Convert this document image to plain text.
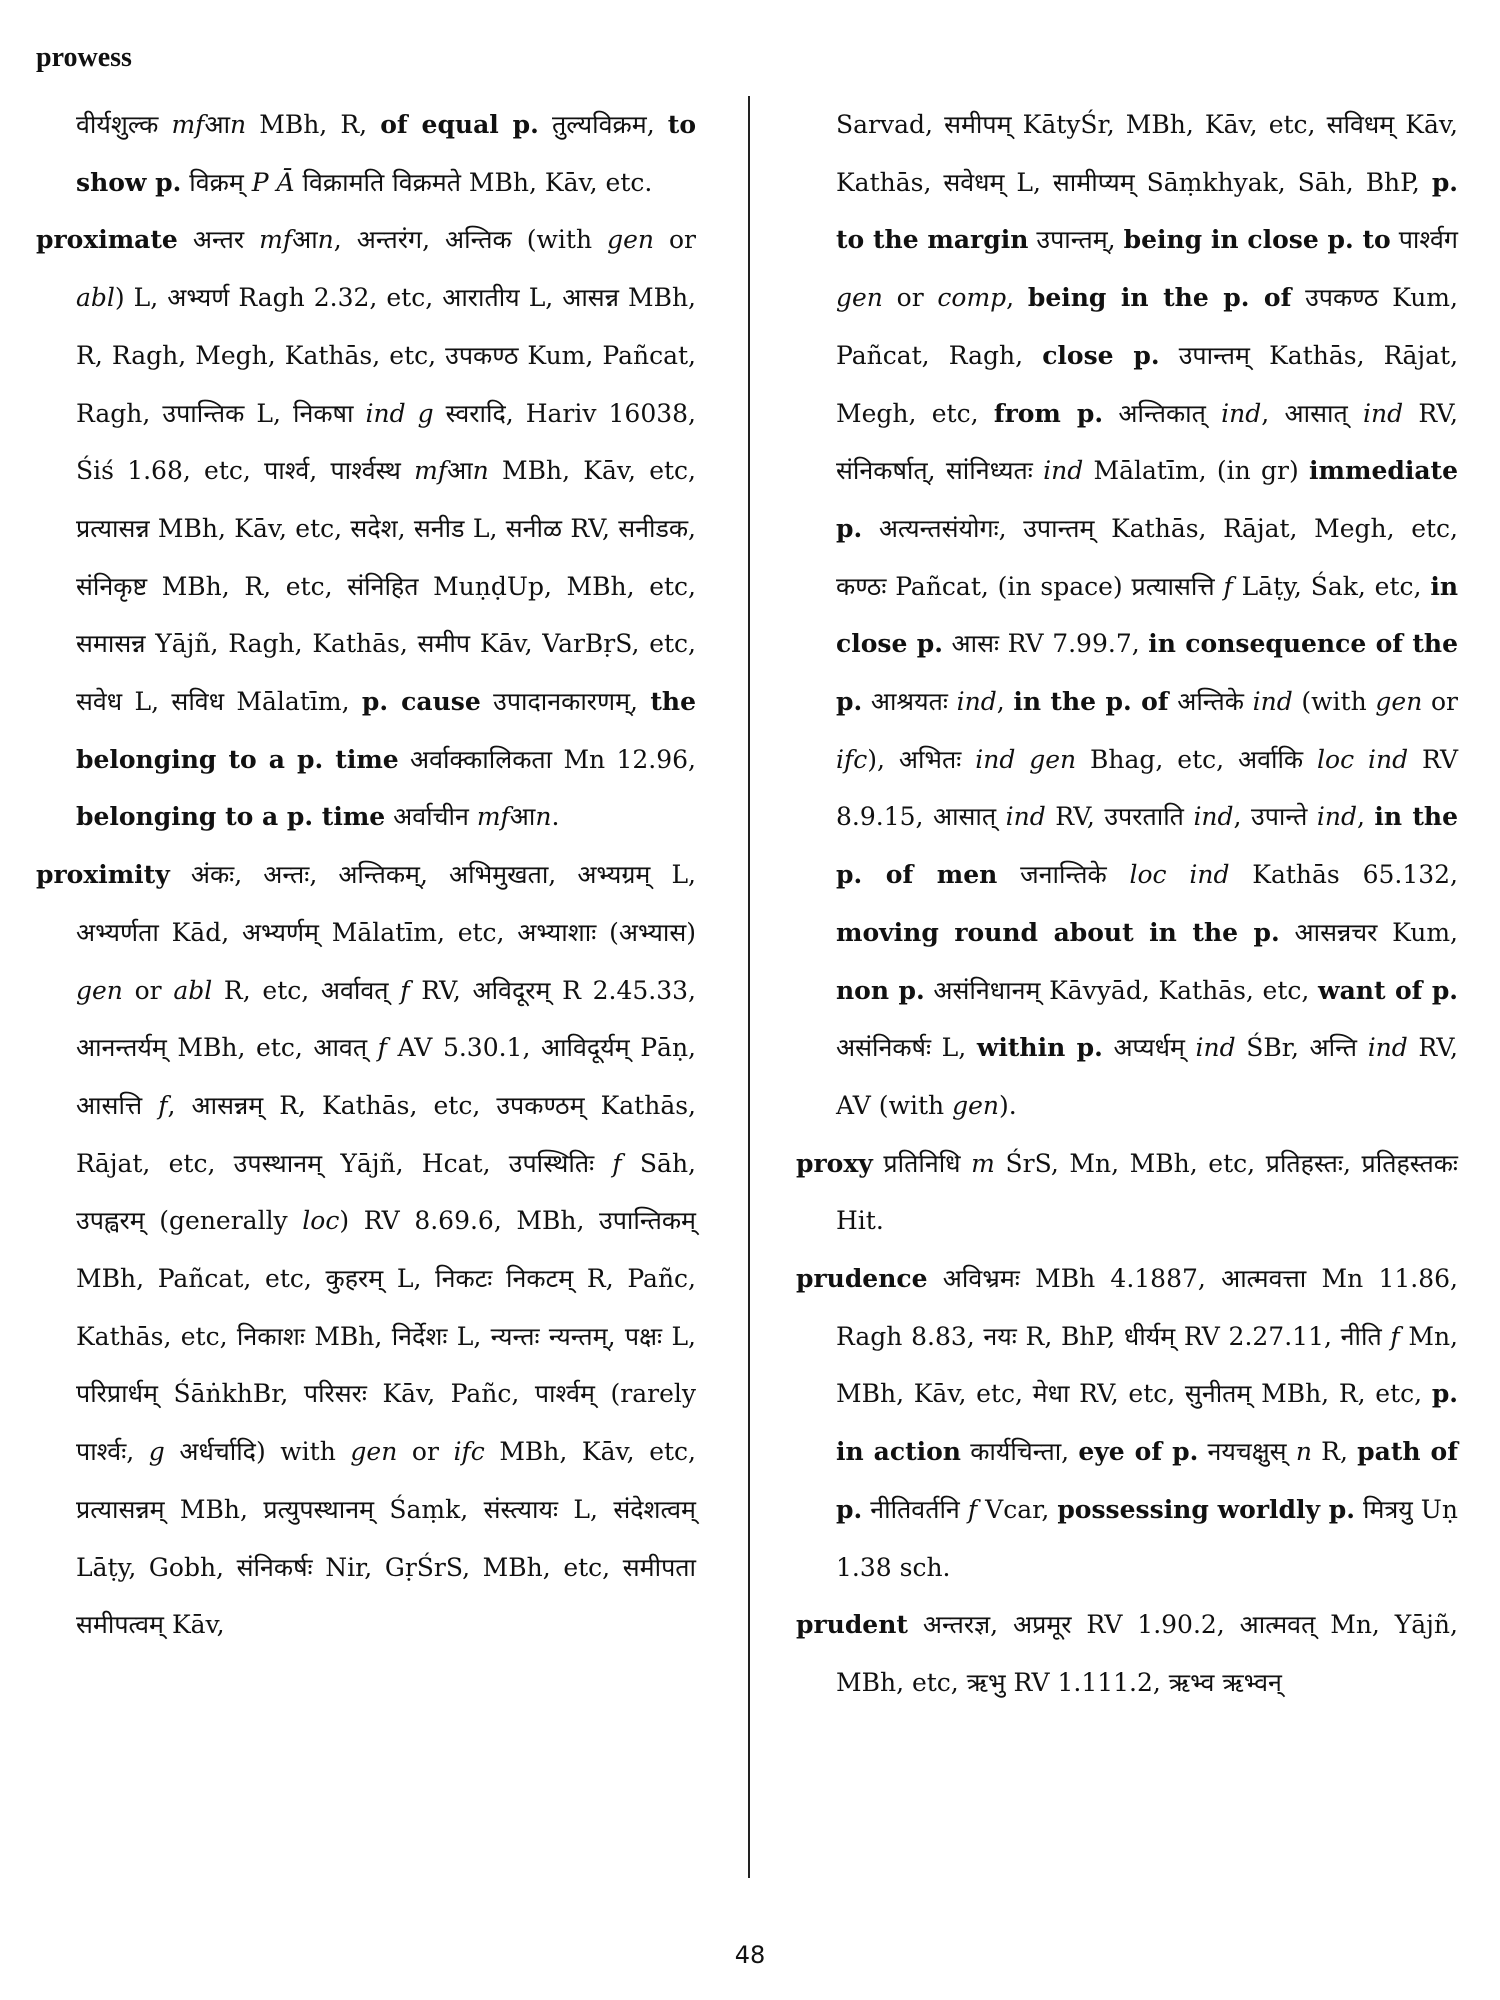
prowess

वीर्यशुल्क mfआn MBh, R, of equal p. तुल्यविक्रम, to show p. विक्रम् P Ā विक्रामति विक्रमते MBh, Kāv, etc.

proximate अन्तर mfआn, अन्तरंग, अन्तिक (with gen or abl) L, अभ्यर्ण Ragh 2.32, etc, आरातीय L, आसन्न MBh, R, Ragh, Megh, Kathās, etc, उपकण्ठ Kum, Pañcat, Ragh, उपान्तिक L, निकषा ind g स्वरादि, Hariv 16038, Śiś 1.68, etc, पार्श्व, पार्श्वस्थ mfआn MBh, Kāv, etc, प्रत्यासन्न MBh, Kāv, etc, सदेश, सनीड L, सनीळ RV, सनीडक, संनिकृष्ट MBh, R, etc, संनिहित MuṇḍUp, MBh, etc, समासन्न Yājñ, Ragh, Kathās, समीप Kāv, VarBṛS, etc, सवेध L, सविध Mālatīm, p. cause उपादानकारणम्, the belonging to a p. time अर्वाक्कालिकता Mn 12.96, belonging to a p. time अर्वाचीन mfआn.

proximity अंकः, अन्तः, अन्तिकम्, अभिमुखता, अभ्यग्रम् L, अभ्यर्णता Kād, अभ्यर्णम् Mālatīm, etc, अभ्याशाः (अभ्यास) gen or abl R, etc, अर्वावत् f RV, अविदूरम् R 2.45.33, आनन्तर्यम् MBh, etc, आवत् f AV 5.30.1, आविदूर्यम् Pāṇ, आसत्ति f, आसन्नम् R, Kathās, etc, उपकण्ठम् Kathās, Rājat, etc, उपस्थानम् Yājñ, Hcat, उपस्थितिः f Sāh, उपह्वरम् (generally loc) RV 8.69.6, MBh, उपान्तिकम् MBh, Pañcat, etc, कुहरम् L, निकटः निकटम् R, Pañc, Kathās, etc, निकाशः MBh, निर्देशः L, न्यन्तः न्यन्तम्, पक्षः L, परिप्रार्धम् ŚāṅkhBr, परिसरः Kāv, Pañc, पार्श्वम् (rarely पार्श्वः, g अर्धर्चादि) with gen or ifc MBh, Kāv, etc, प्रत्यासन्नम् MBh, प्रत्युपस्थानम् Śaṃk, संस्त्यायः L, संदेशत्वम् Lāṭy, Gobh, संनिकर्षः Nir, GṛŚrS, MBh, etc, समीपता समीपत्वम् Kāv,

Sarvad, समीपम् KātyŚr, MBh, Kāv, etc, सविधम् Kāv, Kathās, सवेधम् L, सामीप्यम् Sāṃkhyak, Sāh, BhP, p. to the margin उपान्तम्, being in close p. to पार्श्वग gen or comp, being in the p. of उपकण्ठ Kum, Pañcat, Ragh, close p. उपान्तम् Kathās, Rājat, Megh, etc, from p. अन्तिकात् ind, आसात् ind RV, संनिकर्षात्, सांनिध्यतः ind Mālatīm, (in gr) immediate p. अत्यन्तसंयोगः, उपान्तम् Kathās, Rājat, Megh, etc, कण्ठः Pañcat, (in space) प्रत्यासत्ति f Lāṭy, Śak, etc, in close p. आसः RV 7.99.7, in consequence of the p. आश्रयतः ind, in the p. of अन्तिके ind (with gen or ifc), अभितः ind gen Bhag, etc, अर्वाकि loc ind RV 8.9.15, आसात् ind RV, उपरताति ind, उपान्ते ind, in the p. of men जनान्तिके loc ind Kathās 65.132, moving round about in the p. आसन्नचर Kum, non p. असंनिधानम् Kāvyād, Kathās, etc, want of p. असंनिकर्षः L, within p. अप्यर्धम् ind ŚBr, अन्ति ind RV, AV (with gen).

proxy प्रतिनिधि m ŚrS, Mn, MBh, etc, प्रतिहस्तः, प्रतिहस्तकः Hit.

prudence अविभ्रमः MBh 4.1887, आत्मवत्ता Mn 11.86, Ragh 8.83, नयः R, BhP, धीर्यम् RV 2.27.11, नीति f Mn, MBh, Kāv, etc, मेधा RV, etc, सुनीतम् MBh, R, etc, p. in action कार्यचिन्ता, eye of p. नयचक्षुस् n R, path of p. नीतिवर्तनि f Vcar, possessing worldly p. मित्रयु Uṇ 1.38 sch.

prudent अन्तरज्ञ, अप्रमूर RV 1.90.2, आत्मवत् Mn, Yājñ, MBh, etc, ऋभु RV 1.111.2, ऋभ्व ऋभ्वन्

48
